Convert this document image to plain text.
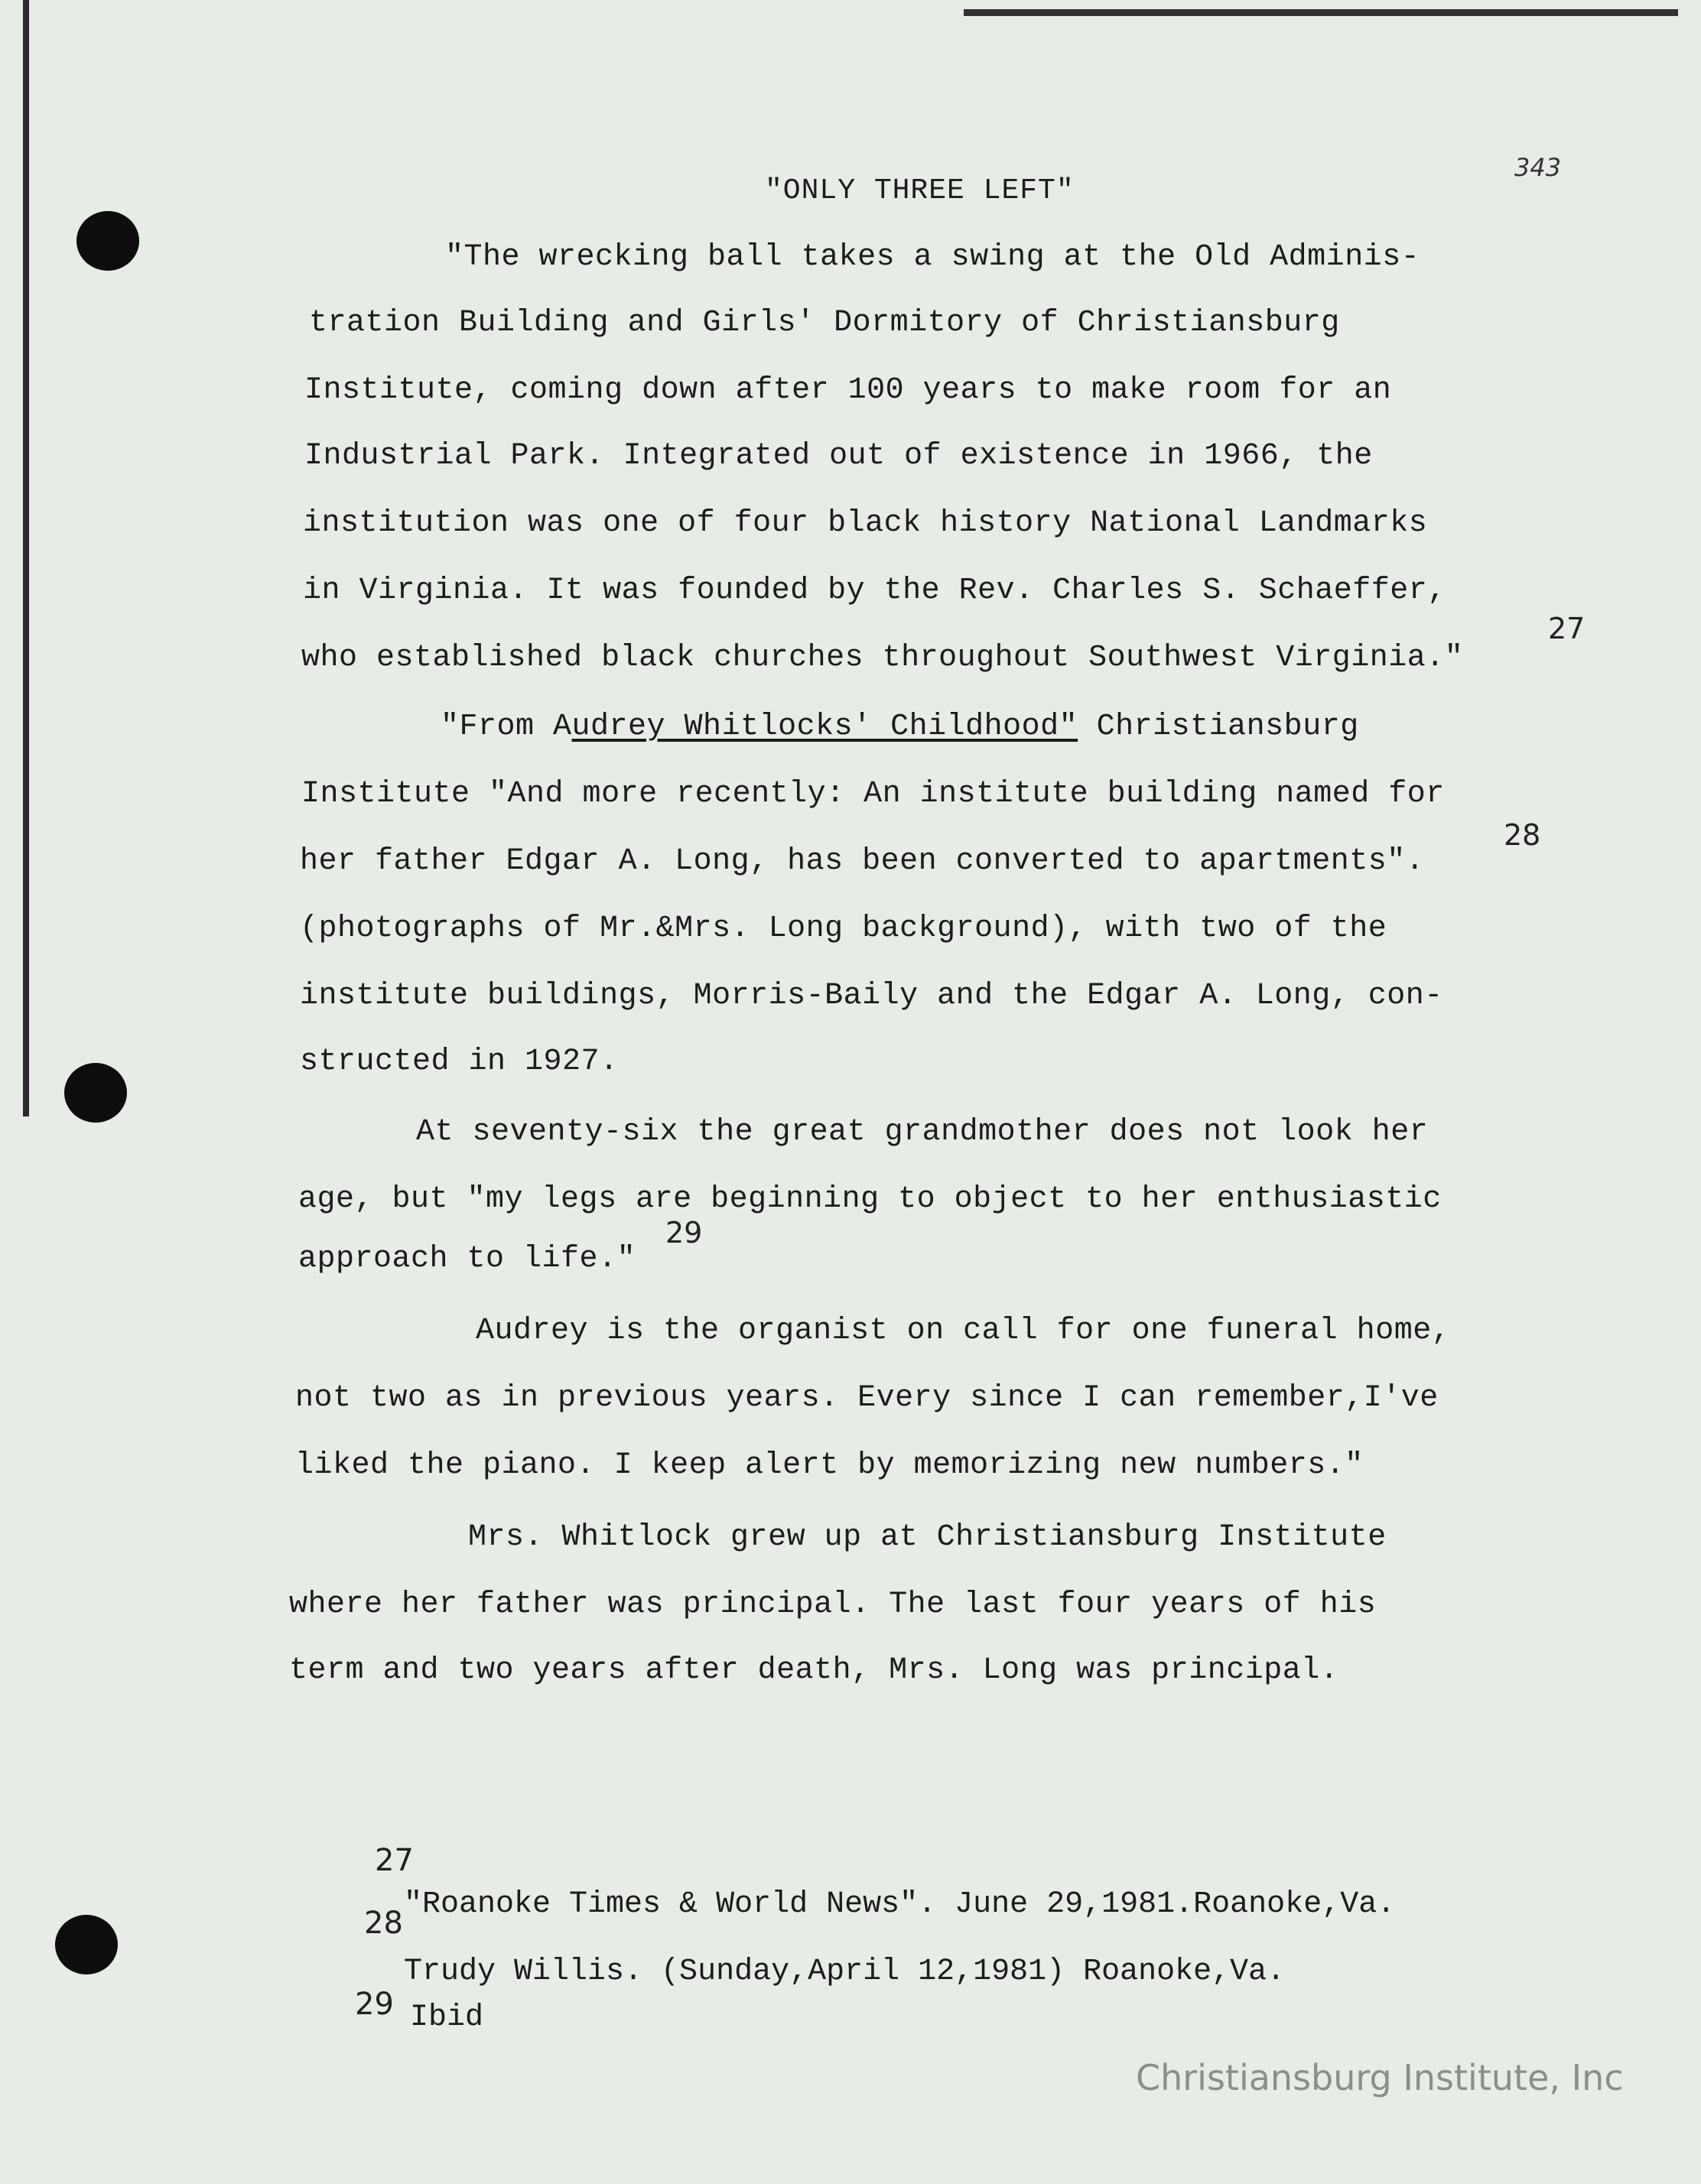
343
"ONLY THREE LEFT"
"The wrecking ball takes a swing at the Old Adminis-
tration Building and Girls' Dormitory of Christiansburg
Institute, coming down after 100 years to make room for an
Industrial Park. Integrated out of existence in 1966, the
institution was one of four black history National Landmarks
in Virginia. It was founded by the Rev. Charles S. Schaeffer,
who established black churches throughout Southwest Virginia."
27
"From Audrey Whitlocks' Childhood" Christiansburg
Institute "And more recently: An institute building named for
her father Edgar A. Long, has been converted to apartments".
28
(photographs of Mr.&Mrs. Long background), with two of the
institute buildings, Morris-Baily and the Edgar A. Long, con-
structed in 1927.
At seventy-six the great grandmother does not look her
age, but "my legs are beginning to object to her enthusiastic
approach to life."
29
Audrey is the organist on call for one funeral home,
not two as in previous years. Every since I can remember,I've
liked the piano. I keep alert by memorizing new numbers."
Mrs. Whitlock grew up at Christiansburg Institute
where her father was principal. The last four years of his
term and two years after death, Mrs. Long was principal.
27
"Roanoke Times & World News". June 29,1981.Roanoke,Va.
28
Trudy Willis. (Sunday,April 12,1981) Roanoke,Va.
29 Ibid
Christiansburg Institute, Inc
